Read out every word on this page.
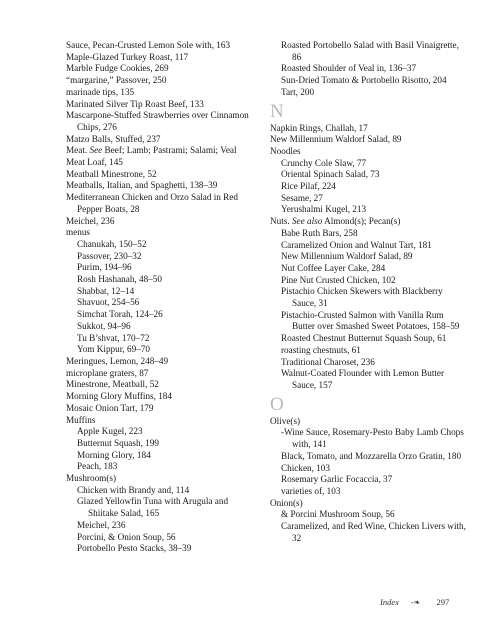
Sauce, Pecan-Crusted Lemon Sole with, 163
Maple-Glazed Turkey Roast, 117
Marble Fudge Cookies, 269
“margarine,” Passover, 250
marinade tips, 135
Marinated Silver Tip Roast Beef, 133
Mascarpone-Stuffed Strawberries over Cinnamon Chips, 276
Matzo Balls, Stuffed, 237
Meat. See Beef; Lamb; Pastrami; Salami; Veal
Meat Loaf, 145
Meatball Minestrone, 52
Meatballs, Italian, and Spaghetti, 138–39
Mediterranean Chicken and Orzo Salad in Red Pepper Boats, 28
Meichel, 236
menus
Chanukah, 150–52
Passover, 230–32
Purim, 194–96
Rosh Hashanah, 48–50
Shabbat, 12–14
Shavuot, 254–56
Simchat Torah, 124–26
Sukkot, 94–96
Tu B’shvat, 170–72
Yom Kippur, 69–70
Meringues, Lemon, 248–49
microplane graters, 87
Minestrone, Meatball, 52
Morning Glory Muffins, 184
Mosaic Onion Tart, 179
Muffins
Apple Kugel, 223
Butternut Squash, 199
Morning Glory, 184
Peach, 183
Mushroom(s)
Chicken with Brandy and, 114
Glazed Yellowfin Tuna with Arugula and Shiitake Salad, 165
Meichel, 236
Porcini, & Onion Soup, 56
Portobello Pesto Stacks, 38–39
Roasted Portobello Salad with Basil Vinaigrette, 86
Roasted Shoulder of Veal in, 136–37
Sun-Dried Tomato & Portobello Risotto, 204
Tart, 200
N
Napkin Rings, Challah, 17
New Millennium Waldorf Salad, 89
Noodles
Crunchy Cole Slaw, 77
Oriental Spinach Salad, 73
Rice Pilaf, 224
Sesame, 27
Yerushalmi Kugel, 213
Nuts. See also Almond(s); Pecan(s)
Babe Ruth Bars, 258
Caramelized Onion and Walnut Tart, 181
New Millennium Waldorf Salad, 89
Nut Coffee Layer Cake, 284
Pine Nut Crusted Chicken, 102
Pistachio Chicken Skewers with Blackberry Sauce, 31
Pistachio-Crusted Salmon with Vanilla Rum Butter over Smashed Sweet Potatoes, 158–59
Roasted Chestnut Butternut Squash Soup, 61
roasting chestnuts, 61
Traditional Charoset, 236
Walnut-Coated Flounder with Lemon Butter Sauce, 157
O
Olive(s)
-Wine Sauce, Rosemary-Pesto Baby Lamb Chops with, 141
Black, Tomato, and Mozzarella Orzo Gratin, 180
Chicken, 103
Rosemary Garlic Focaccia, 37
varieties of, 103
Onion(s)
& Porcini Mushroom Soup, 56
Caramelized, and Red Wine, Chicken Livers with, 32
Index -❧ 297
